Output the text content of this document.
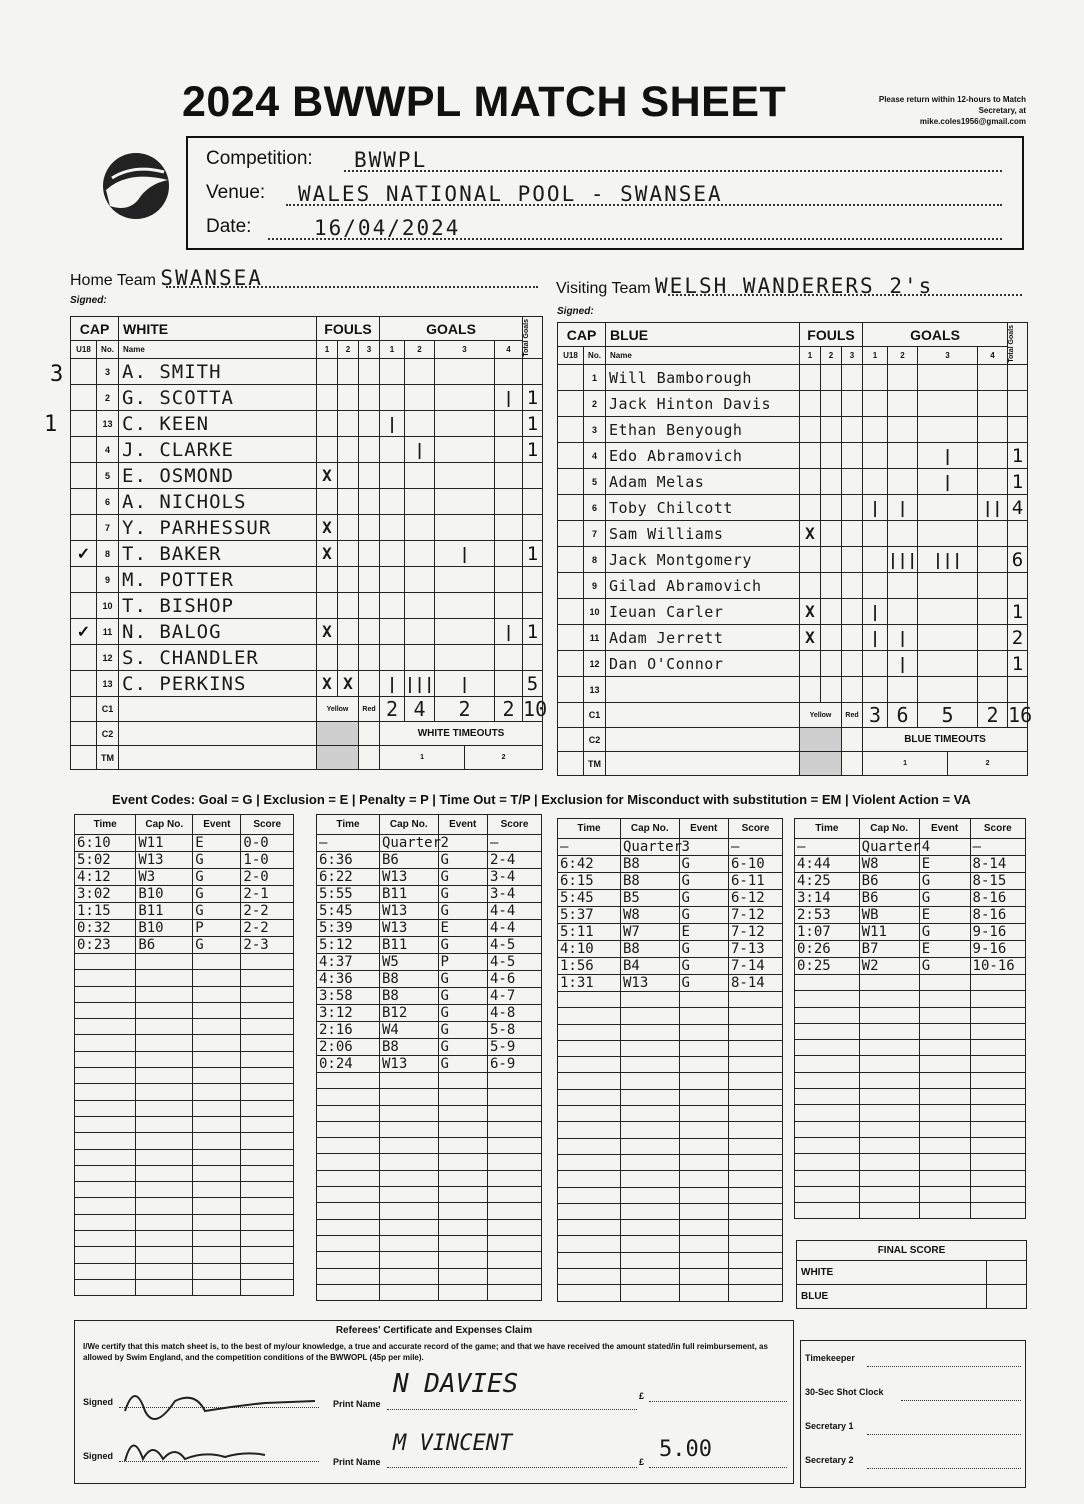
2024 BWWPL MATCH SHEET	Please return within 12-hours to Match Secretary, at mike.coles1956@gmail.com
Competition: BWWPL
Venue: WALES NATIONAL POOL - SWANSEA
Date:	16/04/2024
3
1
Home Team SWANSEA
Signed:
Visiting Team WELSH WANDERERS 2's
Signed:
CAP		WHITE	FOULS			GOALS					Total Goals

U18	No.	Name	1	2	3	1	2	3		4	
	3	A. SMITH									
	2	G. SCOTTA								|	1
	13	C. KEEN				|					1
	4	J. CLARKE					|				1
	5	E. OSMOND	X								
	6	A. NICHOLS									
	7	Y. PARHESSUR	X								
✓	8	T. BAKER	X					|			1
	9	M. POTTER									
	10	T. BISHOP									
✓	11	N. BALOG	X							|	1
	12	S. CHANDLER									
	13	C. PERKINS	X	X		|	|||	|			5
	C1		Yellow		Red	2	4	2		2	10
	C2					WHITE TIMEOUTS					
	TM					1			2		
CAP		BLUE	FOULS			GOALS					Total Goals

U18	No.	Name	1	2	3	1	2	3		4	
	1	Will Bamborough									
	2	Jack Hinton Davis									
	3	Ethan Benyough									
	4	Edo Abramovich						|			1
	5	Adam Melas						|			1
	6	Toby Chilcott				|	|			||	4
	7	Sam Williams	X								
	8	Jack Montgomery					|||	|||			6
	9	Gilad Abramovich									
	10	Ieuan Carler	X			|					1
	11	Adam Jerrett	X			|	|				2
	12	Dan O'Connor					|				1
	13										
	C1		Yellow		Red	3	6	5		2	16
	C2					BLUE TIMEOUTS					
	TM					1			2		
Event Codes: Goal = G | Exclusion = E | Penalty = P | Time Out = T/P | Exclusion for Misconduct with substitution = EM | Violent Action = VA
Time	Cap No.	Event	Score
6:10	W11	E	0-0
5:02	W13	G	1-0
4:12	W3	G	2-0
3:02	B10	G	2-1
1:15	B11	G	2-2
0:32	B10	P	2-2
0:23	B6	G	2-3

Time	Cap No.	Event	Score
—	Quarter	2	—
6:36	B6	G	2-4
6:22	W13	G	3-4
5:55	B11	G	3-4
5:45	W13	G	4-4
5:39	W13	E	4-4
5:12	B11	G	4-5
4:37	W5	P	4-5
4:36	B8	G	4-6
3:58	B8	G	4-7
3:12	B12	G	4-8
2:16	W4	G	5-8
2:06	B8	G	5-9
0:24	W13	G	6-9

Time	Cap No.	Event	Score
—	Quarter	3	—
6:42	B8	G	6-10
6:15	B8	G	6-11
5:45	B5	G	6-12
5:37	W8	G	7-12
5:11	W7	E	7-12
4:10	B8	G	7-13
1:56	B4	G	7-14
1:31	W13	G	8-14

Time	Cap No.	Event	Score
—	Quarter	4	—
4:44	W8	E	8-14
4:25	B6	G	8-15
3:14	B6	G	8-16
2:53	WB	E	8-16
1:07	W11	G	9-16
0:26	B7	E	9-16
0:25	W2	G	10-16

FINAL SCORE	
WHITE	
BLUE	
Referees' Certificate and Expenses Claim
I/We certify that this match sheet is, to the best of my/our knowledge, a true and accurate record of the game; and that we have received the amount stated/in full reimbursement, as allowed by Swim England, and the competition conditions of the BWWOPL (45p per mile).
Signed	Print Name
N DAVIES	£
Signed
Print Name
M VINCENT
£ 5.00
Timekeeper
30-Sec Shot Clock
Secretary 1
Secretary 2
